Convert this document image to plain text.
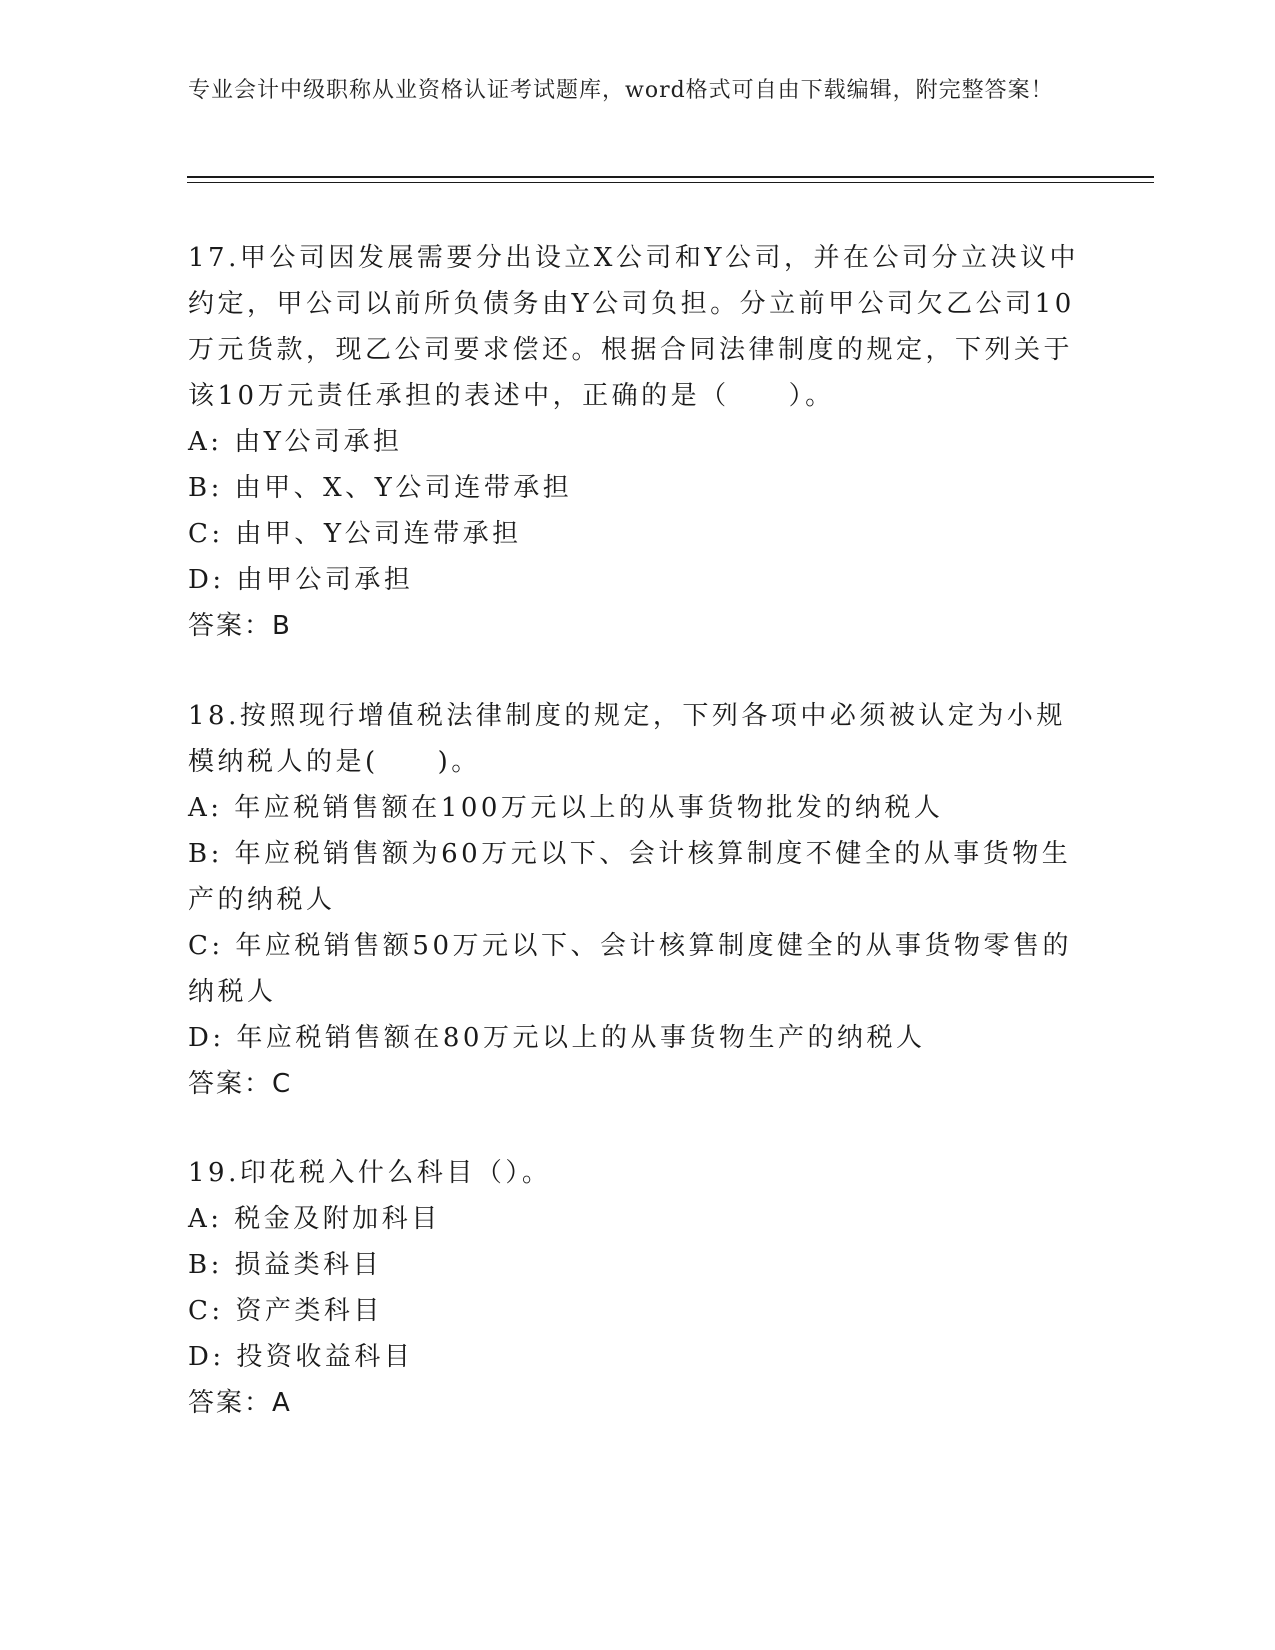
专业会计中级职称从业资格认证考试题库，word格式可自由下载编辑，附完整答案！

17.甲公司因发展需要分出设立X公司和Y公司，并在公司分立决议中约定，甲公司以前所负债务由Y公司负担。分立前甲公司欠乙公司10万元货款，现乙公司要求偿还。根据合同法律制度的规定，下列关于该10万元责任承担的表述中，正确的是（　　）。

A: 由Y公司承担

B: 由甲、X、Y公司连带承担

C: 由甲、Y公司连带承担

D: 由甲公司承担

答案：B

18.按照现行增值税法律制度的规定，下列各项中必须被认定为小规模纳税人的是(　　)。

A: 年应税销售额在100万元以上的从事货物批发的纳税人

B: 年应税销售额为60万元以下、会计核算制度不健全的从事货物生产的纳税人

C: 年应税销售额50万元以下、会计核算制度健全的从事货物零售的纳税人

D: 年应税销售额在80万元以上的从事货物生产的纳税人

答案：C

19.印花税入什么科目（）。

A: 税金及附加科目

B: 损益类科目

C: 资产类科目

D: 投资收益科目

答案：A
